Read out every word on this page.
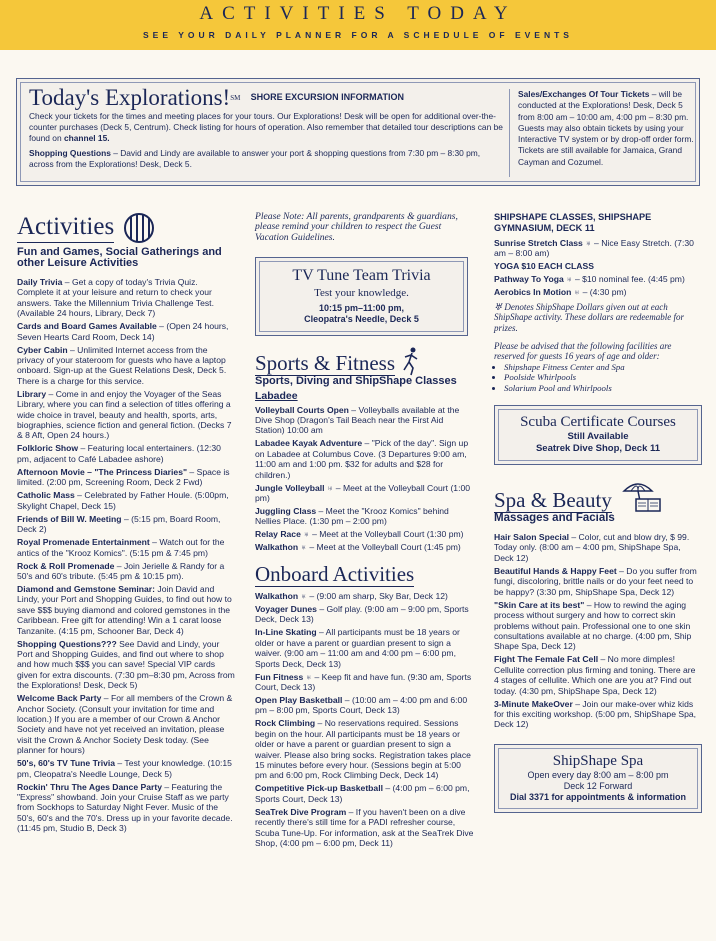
ACTIVITIES TODAY
SEE YOUR DAILY PLANNER FOR A SCHEDULE OF EVENTS
Today's Explorations!℠ SHORE EXCURSION INFORMATION
Check your tickets for the times and meeting places for your tours. Our Explorations! Desk will be open for additional over-the-counter purchases (Deck 5, Centrum). Check listing for hours of operation. Also remember that detailed tour descriptions can be found on channel 15.
Shopping Questions – David and Lindy are available to answer your port & shopping questions from 7:30 pm – 8:30 pm, across from the Explorations! Desk, Deck 5.
Sales/Exchanges Of Tour Tickets – will be conducted at the Explorations! Desk, Deck 5 from 8:00 am – 10:00 am, 4:00 pm – 8:30 pm. Guests may also obtain tickets by using your Interactive TV system or by drop-off order form. Tickets are still available for Jamaica, Grand Cayman and Cozumel.
Activities
Fun and Games, Social Gatherings and other Leisure Activities
Daily Trivia – Get a copy of today's Trivia Quiz. Complete it at your leisure and return to check your answers. Take the Millennium Trivia Challenge Test. (Available 24 hours, Library, Deck 7)
Cards and Board Games Available – (Open 24 hours, Seven Hearts Card Room, Deck 14)
Cyber Cabin – Unlimited Internet access from the privacy of your stateroom for guests who have a laptop onboard. Sign-up at the Guest Relations Desk, Deck 5. There is a charge for this service.
Library – Come in and enjoy the Voyager of the Seas Library, where you can find a selection of titles offering a wide choice in travel, beauty and health, sports, arts, biographies, science fiction and general fiction. (Decks 7 & 8 Aft, Open 24 hours.)
Folkloric Show – Featuring local entertainers. (12:30 pm, adjacent to Café Labadee ashore)
Afternoon Movie – "The Princess Diaries" – Space is limited. (2:00 pm, Screening Room, Deck 2 Fwd)
Catholic Mass – Celebrated by Father Houle. (5:00pm, Skylight Chapel, Deck 15)
Friends of Bill W. Meeting – (5:15 pm, Board Room, Deck 2)
Royal Promenade Entertainment – Watch out for the antics of the "Krooz Komics". (5:15 pm & 7:45 pm)
Rock & Roll Promenade – Join Jerielle & Randy for a 50's and 60's tribute. (5:45 pm & 10:15 pm).
Diamond and Gemstone Seminar: Join David and Lindy, your Port and Shopping Guides, to find out how to save $$$ buying diamond and colored gemstones in the Caribbean. Free gift for attending! Win a 1 carat loose Tanzanite. (4:15 pm, Schooner Bar, Deck 4)
Shopping Questions??? See David and Lindy, your Port and Shopping Guides, and find out where to shop and how much $$$ you can save! Special VIP cards given for extra discounts. (7:30 pm–8:30 pm, Across from the Explorations! Desk, Deck 5)
Welcome Back Party – For all members of the Crown & Anchor Society. (Consult your invitation for time and location.) If you are a member of our Crown & Anchor Society and have not yet received an invitation, please visit the Crown & Anchor Society Desk today. (See planner for hours)
50's, 60's TV Tune Trivia – Test your knowledge. (10:15 pm, Cleopatra's Needle Lounge, Deck 5)
Rockin' Thru The Ages Dance Party – Featuring the "Express" showband. Join your Cruise Staff as we party from Sockhops to Saturday Night Fever. Music of the 50's, 60's and the 70's. Dress up in your favorite decade. (11:45 pm, Studio B, Deck 3)
Please Note: All parents, grandparents & guardians, please remind your children to respect the Guest Vacation Guidelines.
TV Tune Team Trivia
Test your knowledge.
10:15 pm–11:00 pm,
Cleopatra's Needle, Deck 5
Sports & Fitness
Sports, Diving and ShipShape Classes
Labadee
Volleyball Courts Open – Volleyballs available at the Dive Shop (Dragon's Tail Beach near the First Aid Station) 10:00 am
Labadee Kayak Adventure – "Pick of the day". Sign up on Labadee at Columbus Cove. (3 Departures 9:00 am, 11:00 am and 1:00 pm. $32 for adults and $28 for children.)
Jungle Volleyball ♅ – Meet at the Volleyball Court (1:00 pm)
Juggling Class – Meet the "Krooz Komics" behind Nellies Place. (1:30 pm – 2:00 pm)
Relay Race ♅ – Meet at the Volleyball Court (1:30 pm)
Walkathon ♅ – Meet at the Volleyball Court (1:45 pm)
Onboard Activities
Walkathon ♅ – (9:00 am sharp, Sky Bar, Deck 12)
Voyager Dunes – Golf play. (9:00 am – 9:00 pm, Sports Deck, Deck 13)
In-Line Skating – All participants must be 18 years or older or have a parent or guardian present to sign a waiver. (9:00 am – 11:00 am and 4:00 pm – 6:00 pm, Sports Deck, Deck 13)
Fun Fitness ♅ – Keep fit and have fun. (9:30 am, Sports Court, Deck 13)
Open Play Basketball – (10:00 am – 4:00 pm and 6:00 pm – 8:00 pm, Sports Court, Deck 13)
Rock Climbing – No reservations required. Sessions begin on the hour. All participants must be 18 years or older or have a parent or guardian present to sign a waiver. Please also bring socks. Registration takes place 15 minutes before every hour. (Sessions begin at 5:00 pm and 6:00 pm, Rock Climbing Deck, Deck 14)
Competitive Pick-up Basketball – (4:00 pm – 6:00 pm, Sports Court, Deck 13)
SeaTrek Dive Program – If you haven't been on a dive recently there's still time for a PADI refresher course, Scuba Tune-Up. For information, ask at the SeaTrek Dive Shop, (4:00 pm – 6:00 pm, Deck 11)
SHIPSHAPE CLASSES, SHIPSHAPE GYMNASIUM, DECK 11
Sunrise Stretch Class ♅ – Nice Easy Stretch. (7:30 am – 8:00 am)
YOGA $10 EACH CLASS
Pathway To Yoga ♅ – $10 nominal fee. (4:45 pm)
Aerobics In Motion ♅ – (4:30 pm)
♅ Denotes ShipShape Dollars given out at each ShipShape activity. These dollars are redeemable for prizes.
Please be advised that the following facilities are reserved for guests 16 years of age and older:
• Shipshape Fitness Center and Spa
• Poolside Whirlpools
• Solarium Pool and Whirlpools
Scuba Certificate Courses
Still Available
Seatrek Dive Shop, Deck 11
Spa & Beauty
Massages and Facials
Hair Salon Special – Color, cut and blow dry, $ 99. Today only. (8:00 am – 4:00 pm, ShipShape Spa, Deck 12)
Beautiful Hands & Happy Feet – Do you suffer from fungi, discoloring, brittle nails or do your feet need to be happy? (3:30 pm, ShipShape Spa, Deck 12)
"Skin Care at its best" – How to rewind the aging process without surgery and how to correct skin problems without pain. Professional one to one skin consultations available at no charge. (4:00 pm, Ship Shape Spa, Deck 12)
Fight The Female Fat Cell – No more dimples! Cellulite correction plus firming and toning. There are 4 stages of cellulite. Which one are you at? Find out today. (4:30 pm, ShipShape Spa, Deck 12)
3-Minute MakeOver – Join our make-over whiz kids for this exciting workshop. (5:00 pm, ShipShape Spa, Deck 12)
ShipShape Spa
Open every day 8:00 am – 8:00 pm
Deck 12 Forward
Dial 3371 for appointments & information
